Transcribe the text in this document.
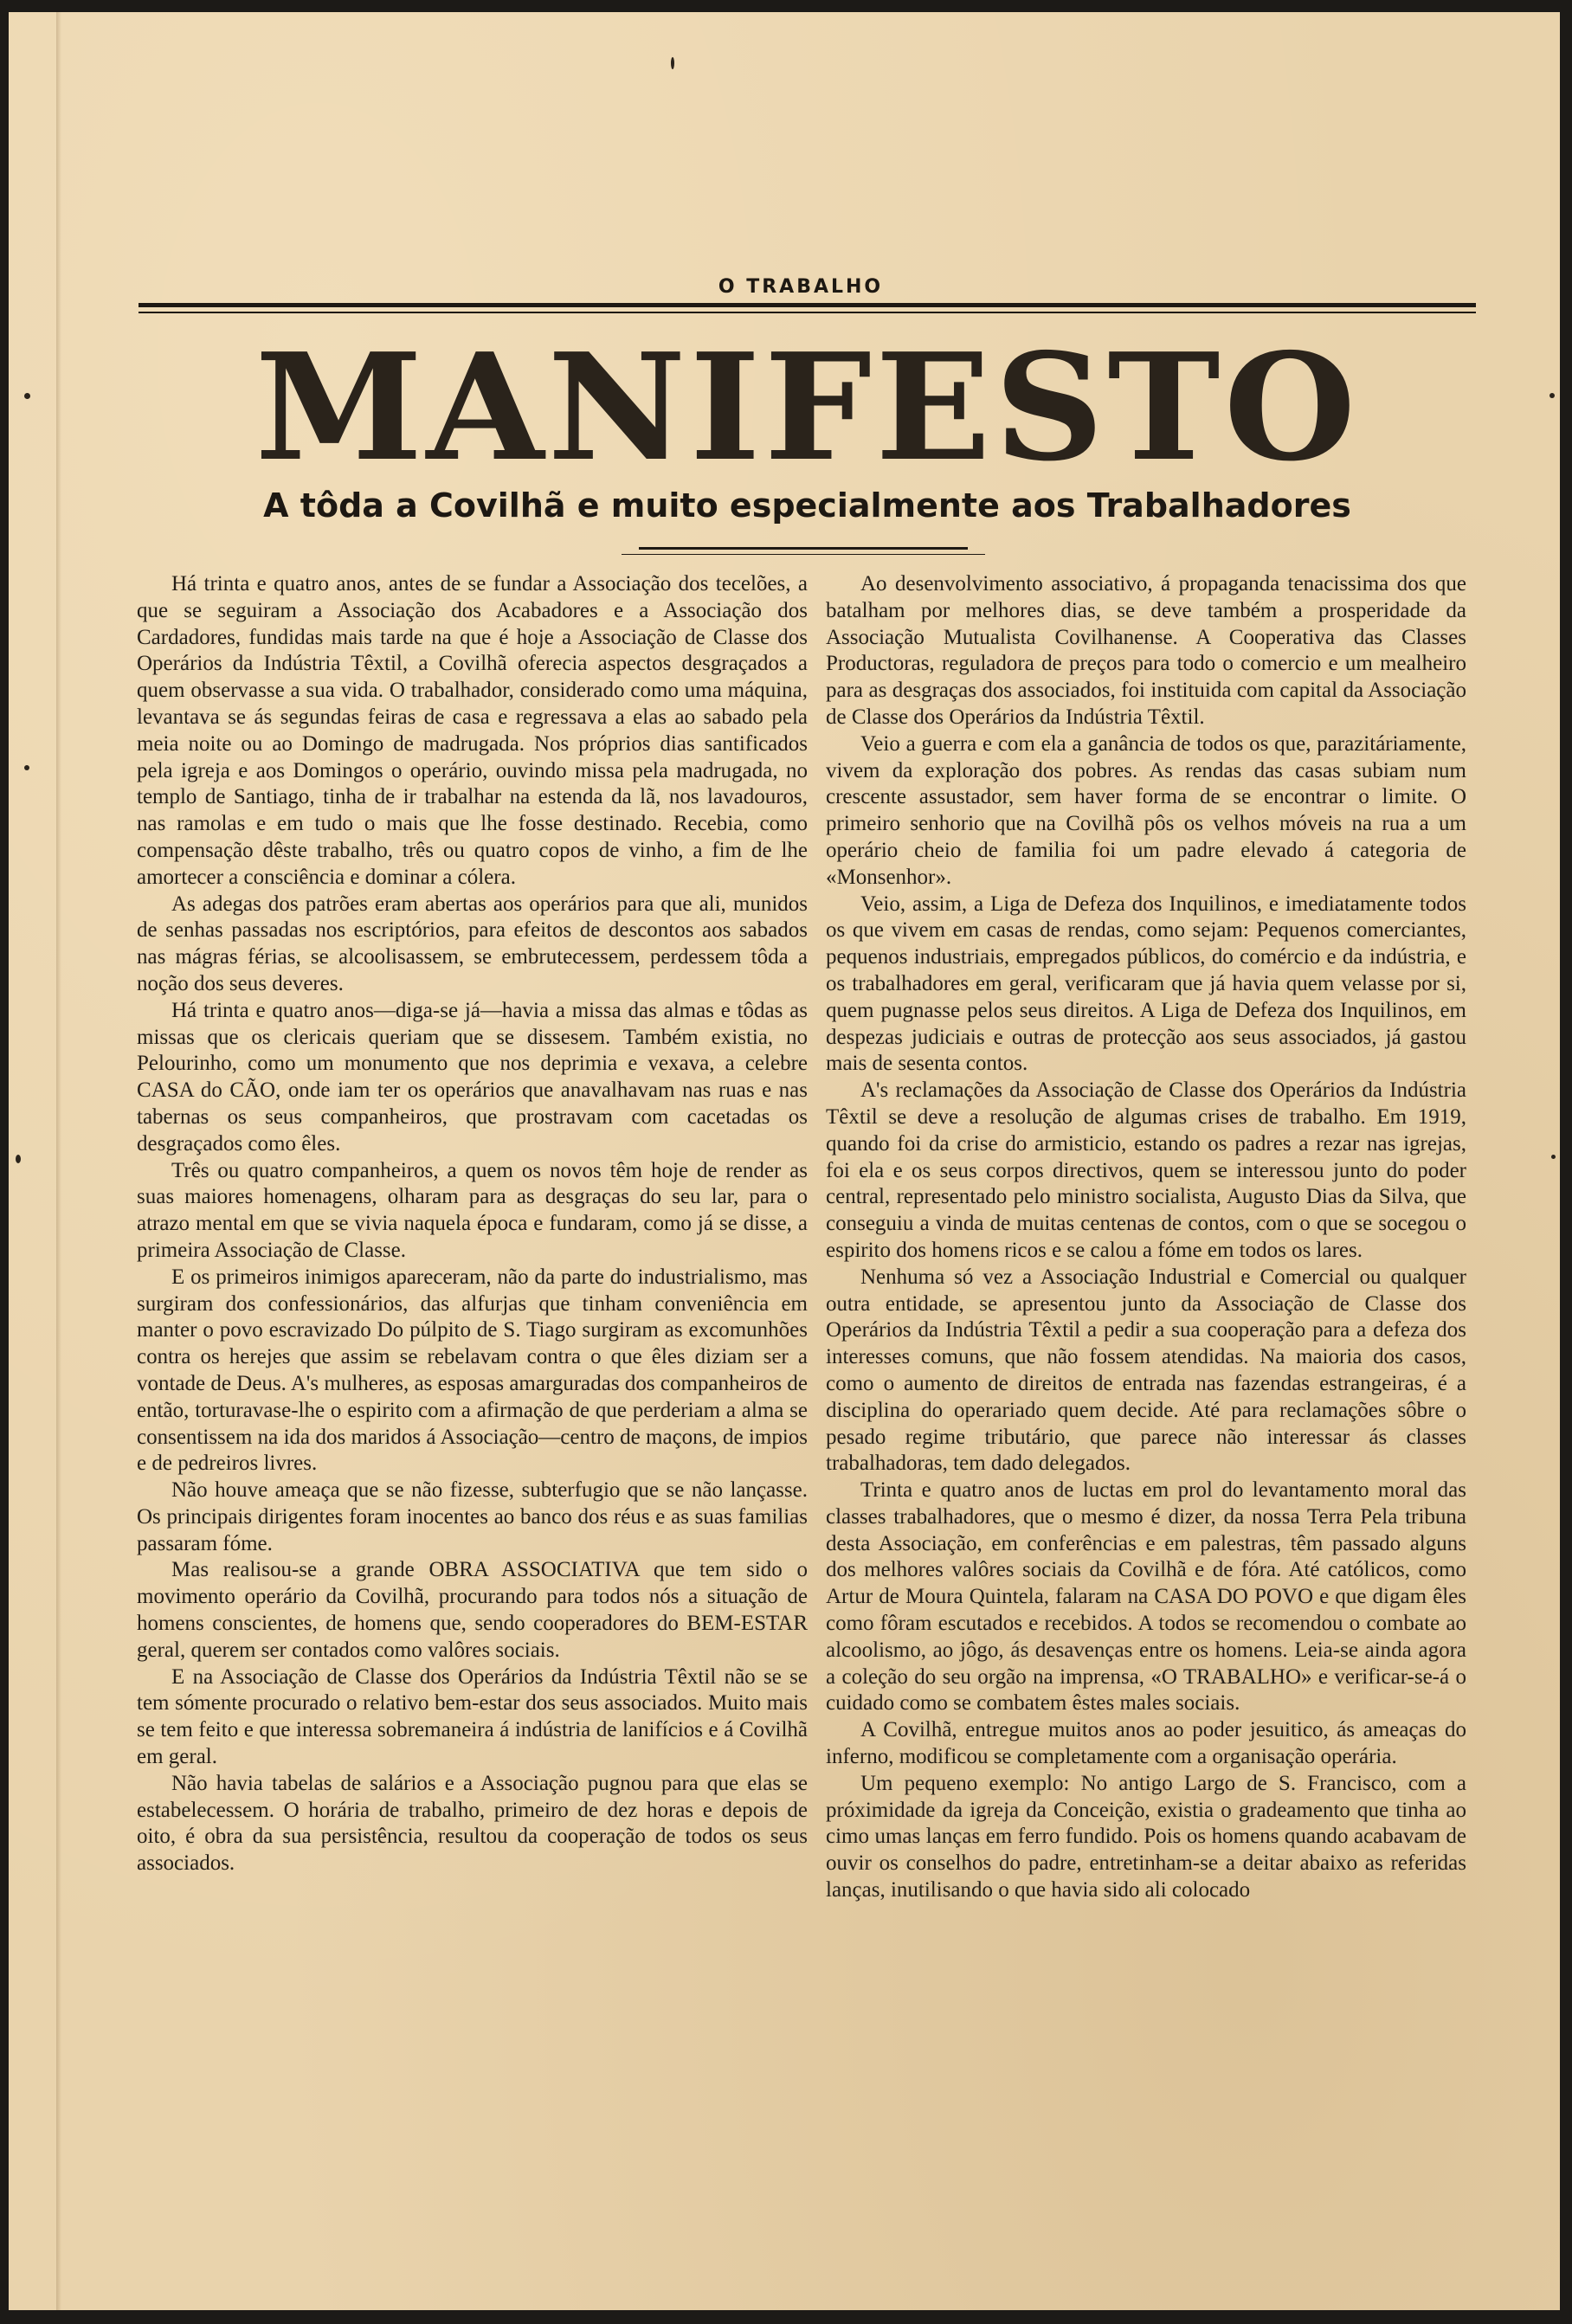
O TRABALHO
MANIFESTO
A tôda a Covilhã e muito especialmente aos Trabalhadores

Há trinta e quatro anos, antes de se fundar a Associação dos tecelões, a que se seguiram a Associação dos Acabadores e a Associação dos Cardadores, fundidas mais tarde na que é hoje a Associação de Classe dos Operários da Indústria Têxtil, a Covilhã oferecia aspectos desgraçados a quem observasse a sua vida. O trabalhador, considerado como uma máquina, levantava se ás segundas feiras de casa e regressava a elas ao sabado pela meia noite ou ao Domingo de madrugada. Nos próprios dias santificados pela igreja e aos Domingos o operário, ouvindo missa pela madrugada, no templo de Santiago, tinha de ir trabalhar na estenda da lã, nos lavadouros, nas ramolas e em tudo o mais que lhe fosse destinado. Recebia, como compensação dêste trabalho, três ou quatro copos de vinho, a fim de lhe amortecer a consciência e dominar a cólera.

As adegas dos patrões eram abertas aos operários para que ali, munidos de senhas passadas nos escriptórios, para efeitos de descontos aos sabados nas mágras férias, se alcoolisassem, se embrutecessem, perdessem tôda a noção dos seus deveres.

Há trinta e quatro anos—diga-se já—havia a missa das almas e tôdas as missas que os clericais queriam que se dissesem. Também existia, no Pelourinho, como um monumento que nos deprimia e vexava, a celebre CASA do CÃO, onde iam ter os operários que anavalhavam nas ruas e nas tabernas os seus companheiros, que prostravam com cacetadas os desgraçados como êles.

Três ou quatro companheiros, a quem os novos têm hoje de render as suas maiores homenagens, olharam para as desgraças do seu lar, para o atrazo mental em que se vivia naquela época e fundaram, como já se disse, a primeira Associação de Classe.

E os primeiros inimigos apareceram, não da parte do industrialismo, mas surgiram dos confessionários, das alfurjas que tinham conveniência em manter o povo escravizado Do púlpito de S. Tiago surgiram as excomunhões contra os herejes que assim se rebelavam contra o que êles diziam ser a vontade de Deus. A's mulheres, as esposas amarguradas dos companheiros de então, torturavase-lhe o espirito com a afirmação de que perderiam a alma se consentissem na ida dos maridos á Associação—centro de maçons, de impios e de pedreiros livres.

Não houve ameaça que se não fizesse, subterfugio que se não lançasse. Os principais dirigentes foram inocentes ao banco dos réus e as suas familias passaram fóme.

Mas realisou-se a grande OBRA ASSOCIATIVA que tem sido o movimento operário da Covilhã, procurando para todos nós a situação de homens conscientes, de homens que, sendo cooperadores do BEM-ESTAR geral, querem ser contados como valôres sociais.

E na Associação de Classe dos Operários da Indústria Têxtil não se se tem sómente procurado o relativo bem-estar dos seus associados. Muito mais se tem feito e que interessa sobremaneira á indústria de lanifícios e á Covilhã em geral.

Não havia tabelas de salários e a Associação pugnou para que elas se estabelecessem. O horária de trabalho, primeiro de dez horas e depois de oito, é obra da sua persistência, resultou da cooperação de todos os seus associados.

Ao desenvolvimento associativo, á propaganda tenacissima dos que batalham por melhores dias, se deve também a prosperidade da Associação Mutualista Covilhanense. A Cooperativa das Classes Productoras, reguladora de preços para todo o comercio e um mealheiro para as desgraças dos associados, foi instituida com capital da Associação de Classe dos Operários da Indústria Têxtil.

Veio a guerra e com ela a ganância de todos os que, parazitáriamente, vivem da exploração dos pobres. As rendas das casas subiam num crescente assustador, sem haver forma de se encontrar o limite. O primeiro senhorio que na Covilhã pôs os velhos móveis na rua a um operário cheio de familia foi um padre elevado á categoria de «Monsenhor».

Veio, assim, a Liga de Defeza dos Inquilinos, e imediatamente todos os que vivem em casas de rendas, como sejam: Pequenos comerciantes, pequenos industriais, empregados públicos, do comércio e da indústria, e os trabalhadores em geral, verificaram que já havia quem velasse por si, quem pugnasse pelos seus direitos. A Liga de Defeza dos Inquilinos, em despezas judiciais e outras de protecção aos seus associados, já gastou mais de sesenta contos.

A's reclamações da Associação de Classe dos Operários da Indústria Têxtil se deve a resolução de algumas crises de trabalho. Em 1919, quando foi da crise do armisticio, estando os padres a rezar nas igrejas, foi ela e os seus corpos directivos, quem se interessou junto do poder central, representado pelo ministro socialista, Augusto Dias da Silva, que conseguiu a vinda de muitas centenas de contos, com o que se socegou o espirito dos homens ricos e se calou a fóme em todos os lares.

Nenhuma só vez a Associação Industrial e Comercial ou qualquer outra entidade, se apresentou junto da Associação de Classe dos Operários da Indústria Têxtil a pedir a sua cooperação para a defeza dos interesses comuns, que não fossem atendidas. Na maioria dos casos, como o aumento de direitos de entrada nas fazendas estrangeiras, é a disciplina do operariado quem decide. Até para reclamações sôbre o pesado regime tributário, que parece não interessar ás classes trabalhadoras, tem dado delegados.

Trinta e quatro anos de luctas em prol do levantamento moral das classes trabalhadores, que o mesmo é dizer, da nossa Terra Pela tribuna desta Associação, em conferências e em palestras, têm passado alguns dos melhores valôres sociais da Covilhã e de fóra. Até católicos, como Artur de Moura Quintela, falaram na CASA DO POVO e que digam êles como fôram escutados e recebidos. A todos se recomendou o combate ao alcoolismo, ao jôgo, ás desavenças entre os homens. Leia-se ainda agora a coleção do seu orgão na imprensa, «O TRABALHO» e verificar-se-á o cuidado como se combatem êstes males sociais.

A Covilhã, entregue muitos anos ao poder jesuitico, ás ameaças do inferno, modificou se completamente com a organisação operária.

Um pequeno exemplo: No antigo Largo de S. Francisco, com a próximidade da igreja da Conceição, existia o gradeamento que tinha ao cimo umas lanças em ferro fundido. Pois os homens quando acabavam de ouvir os conselhos do padre, entretinham-se a deitar abaixo as referidas lanças, inutilisando o que havia sido ali colocado
